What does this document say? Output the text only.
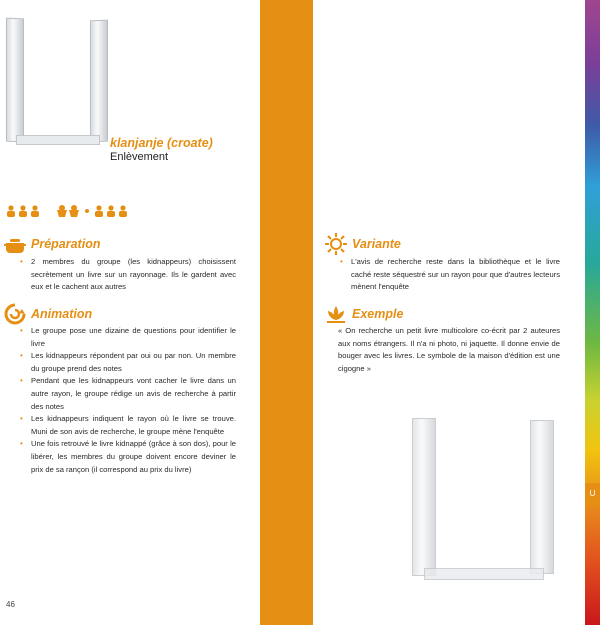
U
klanjanje (croate)
Enlèvement
Préparation
• 2 membres du groupe (les kidnappeurs) choisissent secrètement un livre sur un rayonnage. Ils le gardent avec eux et le cachent aux autres
Animation
• Le groupe pose une dizaine de questions pour identifier le livre
• Les kidnappeurs répondent par oui ou par non. Un membre du groupe prend des notes
• Pendant que les kidnappeurs vont cacher le livre dans un autre rayon, le groupe rédige un avis de recherche à partir des notes
• Les kidnappeurs indiquent le rayon où le livre se trouve. Muni de son avis de recherche, le groupe mène l'enquête
• Une fois retrouvé le livre kidnappé (grâce à son dos), pour le libérer, les membres du groupe doivent encore deviner le prix de sa rançon (il correspond au prix du livre)
Variante
• L'avis de recherche reste dans la bibliothèque et le livre caché reste séquestré sur un rayon pour que d'autres lecteurs mènent l'enquête
Exemple
« On recherche un petit livre multicolore co-écrit par 2 auteures aux noms étrangers. Il n'a ni photo, ni jaquette. Il donne envie de bouger avec les livres. Le symbole de la maison d'édition est une cigogne »
46
